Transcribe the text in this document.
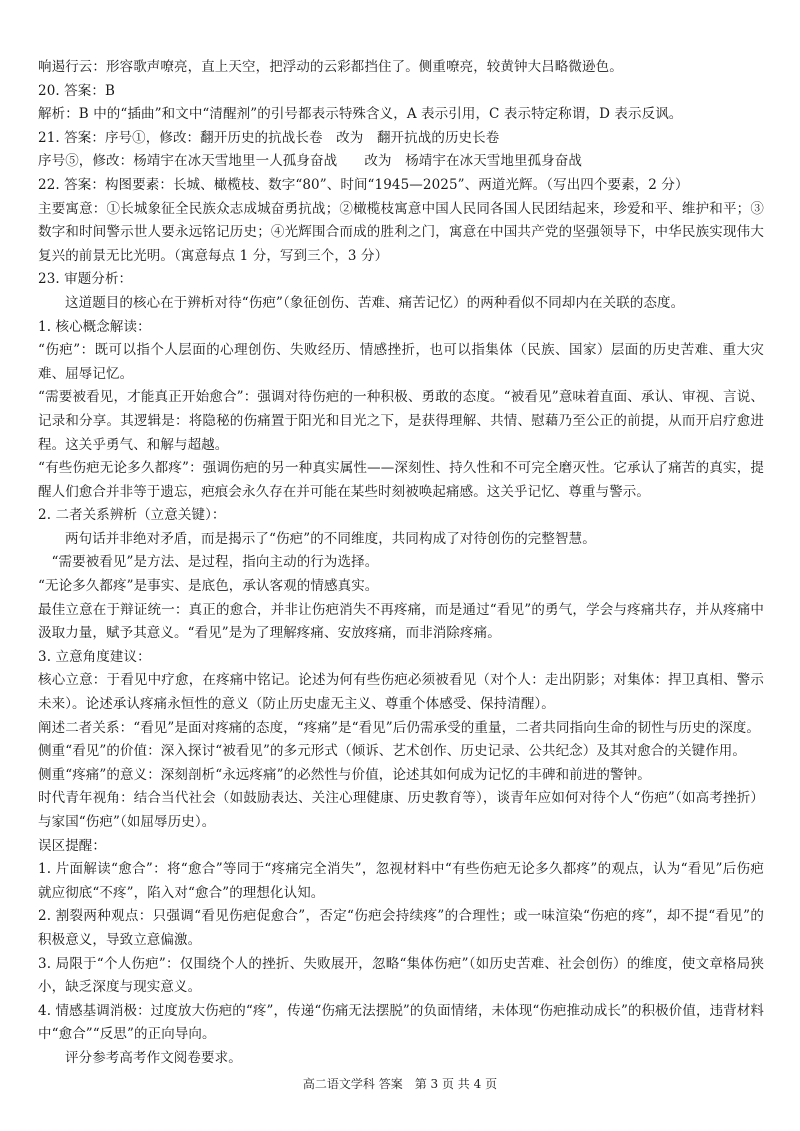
响遏行云：形容歌声嘹亮，直上天空，把浮动的云彩都挡住了。侧重嘹亮，较黄钟大吕略微逊色。

20. 答案：B

解析：B 中的“插曲”和文中“清醒剂”的引号都表示特殊含义，A 表示引用，C 表示特定称谓，D 表示反讽。

21. 答案：序号①，修改：翻开历史的抗战长卷　改为　翻开抗战的历史长卷

序号⑤，修改：杨靖宇在冰天雪地里一人孤身奋战　　改为　杨靖宇在冰天雪地里孤身奋战

22. 答案：构图要素：长城、橄榄枝、数字“80”、时间“1945—2025”、两道光辉。（写出四个要素，2 分）

主要寓意：①长城象征全民族众志成城奋勇抗战；②橄榄枝寓意中国人民同各国人民团结起来，珍爱和平、维护和平；③数字和时间警示世人要永远铭记历史；④光辉围合而成的胜利之门，寓意在中国共产党的坚强领导下，中华民族实现伟大复兴的前景无比光明。（寓意每点 1 分，写到三个，3 分）

23. 审题分析：

这道题目的核心在于辨析对待“伤疤”（象征创伤、苦难、痛苦记忆）的两种看似不同却内在关联的态度。

1. 核心概念解读：

“伤疤”：既可以指个人层面的心理创伤、失败经历、情感挫折，也可以指集体（民族、国家）层面的历史苦难、重大灾难、屈辱记忆。

“需要被看见，才能真正开始愈合”：强调对待伤疤的一种积极、勇敢的态度。“被看见”意味着直面、承认、审视、言说、记录和分享。其逻辑是：将隐秘的伤痛置于阳光和目光之下，是获得理解、共情、慰藉乃至公正的前提，从而开启疗愈进程。这关乎勇气、和解与超越。

“有些伤疤无论多久都疼”：强调伤疤的另一种真实属性——深刻性、持久性和不可完全磨灭性。它承认了痛苦的真实，提醒人们愈合并非等于遗忘，疤痕会永久存在并可能在某些时刻被唤起痛感。这关乎记忆、尊重与警示。

2. 二者关系辨析（立意关键）：

两句话并非绝对矛盾，而是揭示了“伤疤”的不同维度，共同构成了对待创伤的完整智慧。

“需要被看见”是方法、是过程，指向主动的行为选择。

“无论多久都疼”是事实、是底色，承认客观的情感真实。

最佳立意在于辩证统一：真正的愈合，并非让伤疤消失不再疼痛，而是通过“看见”的勇气，学会与疼痛共存，并从疼痛中汲取力量，赋予其意义。“看见”是为了理解疼痛、安放疼痛，而非消除疼痛。

3. 立意角度建议：

核心立意：于看见中疗愈，在疼痛中铭记。论述为何有些伤疤必须被看见（对个人：走出阴影；对集体：捍卫真相、警示未来）。论述承认疼痛永恒性的意义（防止历史虚无主义、尊重个体感受、保持清醒）。

阐述二者关系：“看见”是面对疼痛的态度，“疼痛”是“看见”后仍需承受的重量，二者共同指向生命的韧性与历史的深度。

侧重“看见”的价值：深入探讨“被看见”的多元形式（倾诉、艺术创作、历史记录、公共纪念）及其对愈合的关键作用。

侧重“疼痛”的意义：深刻剖析“永远疼痛”的必然性与价值，论述其如何成为记忆的丰碑和前进的警钟。

时代青年视角：结合当代社会（如鼓励表达、关注心理健康、历史教育等），谈青年应如何对待个人“伤疤”（如高考挫折）与家国“伤疤”（如屈辱历史）。

误区提醒：

1. 片面解读“愈合”：将“愈合”等同于“疼痛完全消失”，忽视材料中“有些伤疤无论多久都疼”的观点，认为“看见”后伤疤就应彻底“不疼”，陷入对“愈合”的理想化认知。

2. 割裂两种观点：只强调“看见伤疤促愈合”，否定“伤疤会持续疼”的合理性；或一味渲染“伤疤的疼”，却不提“看见”的积极意义，导致立意偏激。

3. 局限于“个人伤疤”：仅围绕个人的挫折、失败展开，忽略“集体伤疤”（如历史苦难、社会创伤）的维度，使文章格局狭小，缺乏深度与现实意义。

4. 情感基调消极：过度放大伤疤的“疼”，传递“伤痛无法摆脱”的负面情绪，未体现“伤疤推动成长”的积极价值，违背材料中“愈合”“反思”的正向导向。

评分参考高考作文阅卷要求。

高二语文学科 答案　第 3 页 共 4 页
